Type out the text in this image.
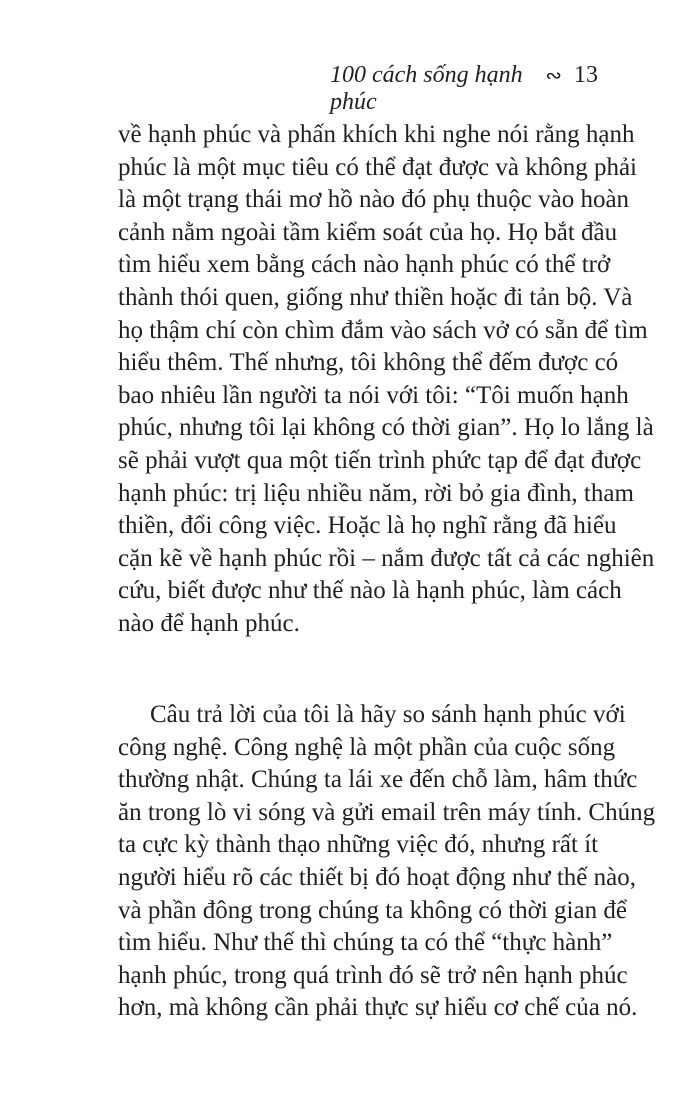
100 cách sống hạnh phúc
∾ 13
về hạnh phúc và phấn khích khi nghe nói rằng hạnh
phúc là một mục tiêu có thể đạt được và không phải
là một trạng thái mơ hồ nào đó phụ thuộc vào hoàn
cảnh nằm ngoài tầm kiểm soát của họ. Họ bắt đầu
tìm hiểu xem bằng cách nào hạnh phúc có thể trở
thành thói quen, giống như thiền hoặc đi tản bộ. Và
họ thậm chí còn chìm đắm vào sách vở có sẵn để tìm
hiểu thêm. Thế nhưng, tôi không thể đếm được có
bao nhiêu lần người ta nói với tôi: “Tôi muốn hạnh
phúc, nhưng tôi lại không có thời gian”. Họ lo lắng là
sẽ phải vượt qua một tiến trình phức tạp để đạt được
hạnh phúc: trị liệu nhiều năm, rời bỏ gia đình, tham
thiền, đổi công việc. Hoặc là họ nghĩ rằng đã hiểu
cặn kẽ về hạnh phúc rồi – nắm được tất cả các nghiên
cứu, biết được như thế nào là hạnh phúc, làm cách
nào để hạnh phúc.
Câu trả lời của tôi là hãy so sánh hạnh phúc với
công nghệ. Công nghệ là một phần của cuộc sống
thường nhật. Chúng ta lái xe đến chỗ làm, hâm thức
ăn trong lò vi sóng và gửi email trên máy tính. Chúng
ta cực kỳ thành thạo những việc đó, nhưng rất ít
người hiểu rõ các thiết bị đó hoạt động như thế nào,
và phần đông trong chúng ta không có thời gian để
tìm hiểu. Như thế thì chúng ta có thể “thực hành”
hạnh phúc, trong quá trình đó sẽ trở nên hạnh phúc
hơn, mà không cần phải thực sự hiểu cơ chế của nó.
